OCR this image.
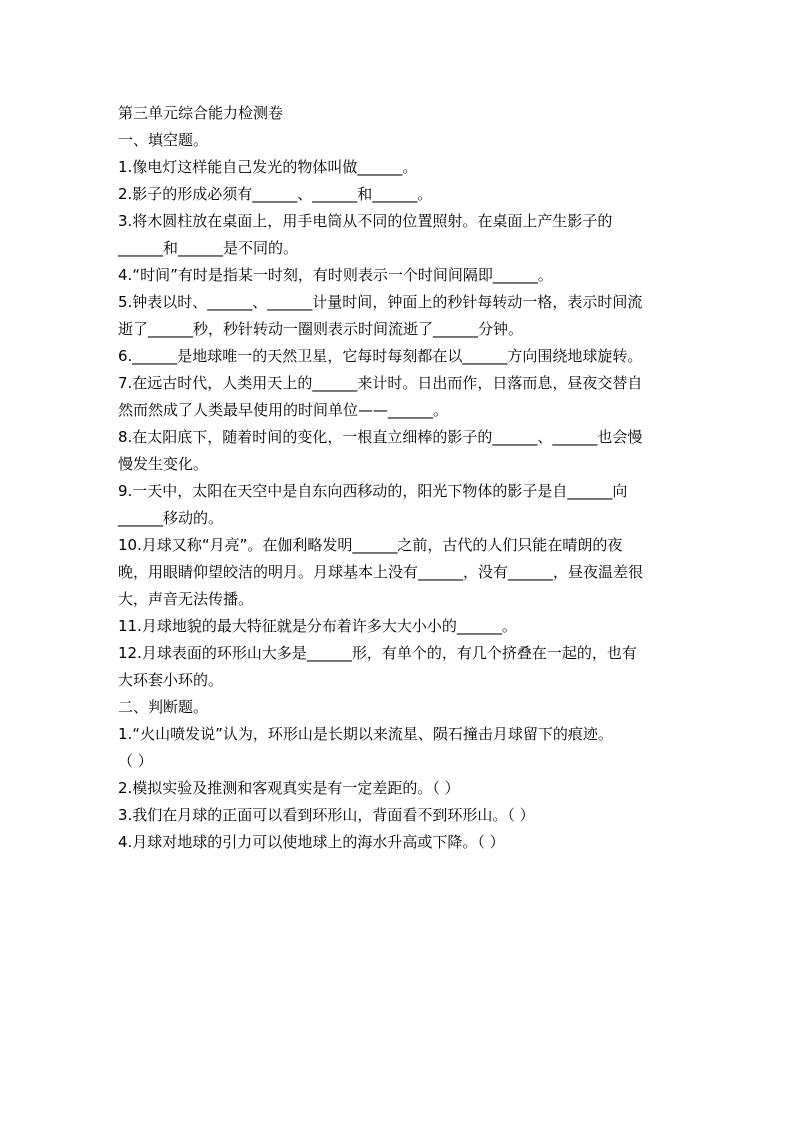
第三单元综合能力检测卷

一、填空题。

1.像电灯这样能自己发光的物体叫做______。

2.影子的形成必须有______、______和______。

3.将木圆柱放在桌面上，用手电筒从不同的位置照射。在桌面上产生影子的

______和______是不同的。

4.“时间”有时是指某一时刻，有时则表示一个时间间隔即______。

5.钟表以时、______、______计量时间，钟面上的秒针每转动一格，表示时间流

逝了______秒，秒针转动一圈则表示时间流逝了______分钟。

6.______是地球唯一的天然卫星，它每时每刻都在以______方向围绕地球旋转。

7.在远古时代，人类用天上的______来计时。日出而作，日落而息，昼夜交替自

然而然成了人类最早使用的时间单位——______。

8.在太阳底下，随着时间的变化，一根直立细棒的影子的______、______也会慢

慢发生变化。

9.一天中，太阳在天空中是自东向西移动的，阳光下物体的影子是自______向

______移动的。

10.月球又称“月亮”。在伽利略发明______之前，古代的人们只能在晴朗的夜

晚，用眼睛仰望皎洁的明月。月球基本上没有______，没有______，昼夜温差很

大，声音无法传播。

11.月球地貌的最大特征就是分布着许多大大小小的______。

12.月球表面的环形山大多是______形，有单个的，有几个挤叠在一起的，也有

大环套小环的。

二、判断题。

1.“火山喷发说”认为，环形山是长期以来流星、陨石撞击月球留下的痕迹。

（ ）

2.模拟实验及推测和客观真实是有一定差距的。（ ）

3.我们在月球的正面可以看到环形山，背面看不到环形山。（ ）

4.月球对地球的引力可以使地球上的海水升高或下降。（ ）
